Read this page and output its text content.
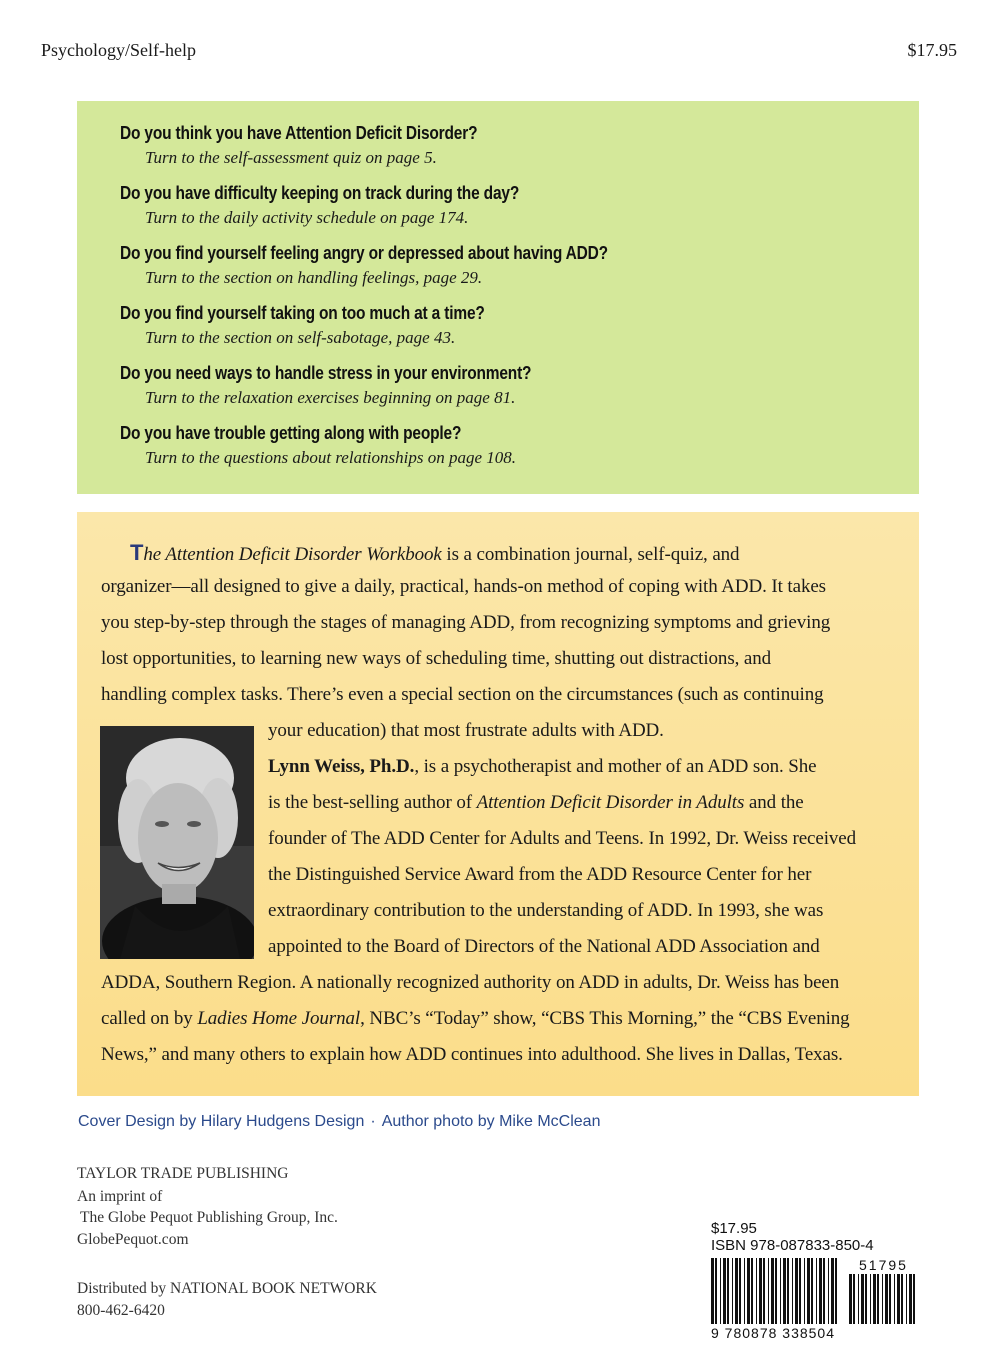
Psychology/Self-help	$17.95
Do you think you have Attention Deficit Disorder?
Turn to the self-assessment quiz on page 5.
Do you have difficulty keeping on track during the day?
Turn to the daily activity schedule on page 174.
Do you find yourself feeling angry or depressed about having ADD?
Turn to the section on handling feelings, page 29.
Do you find yourself taking on too much at a time?
Turn to the section on self-sabotage, page 43.
Do you need ways to handle stress in your environment?
Turn to the relaxation exercises beginning on page 81.
Do you have trouble getting along with people?
Turn to the questions about relationships on page 108.
The Attention Deficit Disorder Workbook is a combination journal, self-quiz, and
organizer—all designed to give a daily, practical, hands-on method of coping with ADD. It takes
you step-by-step through the stages of managing ADD, from recognizing symptoms and grieving
lost opportunities, to learning new ways of scheduling time, shutting out distractions, and
handling complex tasks. There’s even a special section on the circumstances (such as continuing
your education) that most frustrate adults with ADD.
Lynn Weiss, Ph.D., is a psychotherapist and mother of an ADD son. She
is the best-selling author of Attention Deficit Disorder in Adults and the
founder of The ADD Center for Adults and Teens. In 1992, Dr. Weiss received
the Distinguished Service Award from the ADD Resource Center for her
extraordinary contribution to the understanding of ADD. In 1993, she was
appointed to the Board of Directors of the National ADD Association and
ADDA, Southern Region. A nationally recognized authority on ADD in adults, Dr. Weiss has been
called on by Ladies Home Journal, NBC’s “Today” show, “CBS This Morning,” the “CBS Evening
News,” and many others to explain how ADD continues into adulthood. She lives in Dallas, Texas.
Cover Design by Hilary Hudgens Design · Author photo by Mike McClean
TAYLOR TRADE PUBLISHING
An imprint of
The Globe Pequot Publishing Group, Inc.
GlobePequot.com
Distributed by NATIONAL BOOK NETWORK
800-462-6420
$17.95
ISBN 978-087833-850-4
51795
9 780878 338504
